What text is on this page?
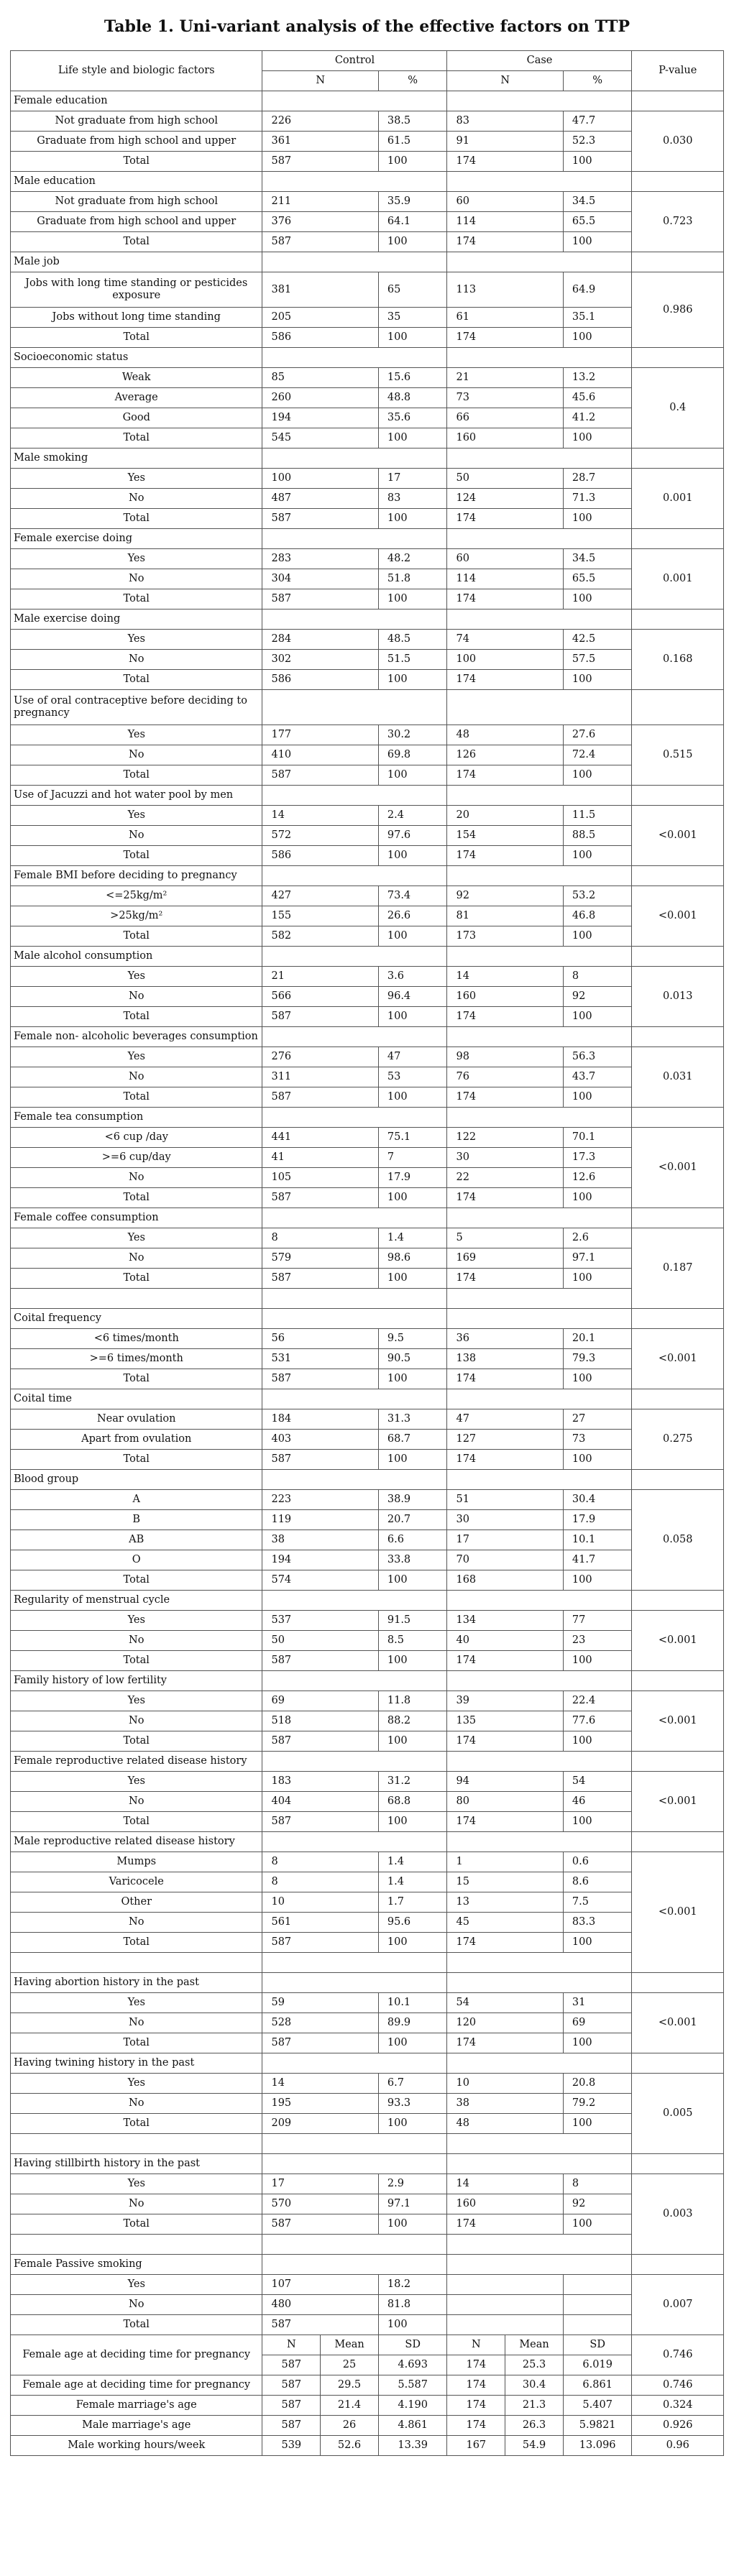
Table 1. Uni-variant analysis of the effective factors on TTP
Life style and biologic factors	Control			Case			P-value
	N		%	N		%	
Female education							
Not graduate from high school	226		38.5	83		47.7	0.030
Graduate from high school and upper	361		61.5	91		52.3	
Total	587		100	174		100	
Male education							
Not graduate from high school	211		35.9	60		34.5	0.723
Graduate from high school and upper	376		64.1	114		65.5	
Total	587		100	174		100	
Male job							
Jobs with long time standing or pesticides exposure	381		65	113		64.9	0.986
Jobs without long time standing	205		35	61		35.1	
Total	586		100	174		100	
Socioeconomic status							
Weak	85		15.6	21		13.2	0.4
Average	260		48.8	73		45.6	
Good	194		35.6	66		41.2	
Total	545		100	160		100	
Male smoking							
Yes	100		17	50		28.7	0.001
No	487		83	124		71.3	
Total	587		100	174		100	
Female exercise doing							
Yes	283		48.2	60		34.5	0.001
No	304		51.8	114		65.5	
Total	587		100	174		100	
Male exercise doing							
Yes	284		48.5	74		42.5	0.168
No	302		51.5	100		57.5	
Total	586		100	174		100	
Use of oral contraceptive before deciding to pregnancy							
Yes	177		30.2	48		27.6	0.515
No	410		69.8	126		72.4	
Total	587		100	174		100	
Use of Jacuzzi and hot water pool by men							
Yes	14		2.4	20		11.5	<0.001
No	572		97.6	154		88.5	
Total	586		100	174		100	
Female BMI before deciding to pregnancy							
<=25kg/m²	427		73.4	92		53.2	<0.001
>25kg/m²	155		26.6	81		46.8	
Total	582		100	173		100	
Male alcohol consumption							
Yes	21		3.6	14		8	0.013
No	566		96.4	160		92	
Total	587		100	174		100	
Female non- alcoholic beverages consumption							
Yes	276		47	98		56.3	0.031
No	311		53	76		43.7	
Total	587		100	174		100	
Female tea consumption							
<6 cup /day	441		75.1	122		70.1	<0.001
>=6 cup/day	41		7	30		17.3	
No	105		17.9	22		12.6	
Total	587		100	174		100	
Female coffee consumption							
Yes	8		1.4	5		2.6	0.187
No	579		98.6	169		97.1	
Total	587		100	174		100	

Coital frequency							
<6 times/month	56		9.5	36		20.1	<0.001
>=6 times/month	531		90.5	138		79.3	
Total	587		100	174		100	
Coital time							
Near ovulation	184		31.3	47		27	0.275
Apart from ovulation	403		68.7	127		73	
Total	587		100	174		100	
Blood group							
A	223		38.9	51		30.4	0.058
B	119		20.7	30		17.9	
AB	38		6.6	17		10.1	
O	194		33.8	70		41.7	
Total	574		100	168		100	
Regularity of menstrual cycle							
Yes	537		91.5	134		77	<0.001
No	50		8.5	40		23	
Total	587		100	174		100	
Family history of low fertility							
Yes	69		11.8	39		22.4	<0.001
No	518		88.2	135		77.6	
Total	587		100	174		100	
Female reproductive related disease history							
Yes	183		31.2	94		54	<0.001
No	404		68.8	80		46	
Total	587		100	174		100	
Male reproductive related disease history							
Mumps	8		1.4	1		0.6	<0.001
Varicocele	8		1.4	15		8.6	
Other	10		1.7	13		7.5	
No	561		95.6	45		83.3	
Total	587		100	174		100	

Having abortion history in the past							
Yes	59		10.1	54		31	<0.001
No	528		89.9	120		69	
Total	587		100	174		100	
Having twining history in the past							
Yes	14		6.7	10		20.8	0.005
No	195		93.3	38		79.2	
Total	209		100	48		100	

Having stillbirth history in the past							
Yes	17		2.9	14		8	0.003
No	570		97.1	160		92	
Total	587		100	174		100	

Female Passive smoking							
Yes	107		18.2				0.007
No	480		81.8				
Total	587		100				
Female age at deciding time for pregnancy	N	Mean	SD	N	Mean	SD	0.746
	587	25	4.693	174	25.3	6.019	
Female age at deciding time for pregnancy	587	29.5	5.587	174	30.4	6.861	0.746
Female marriage's age	587	21.4	4.190	174	21.3	5.407	0.324
Male marriage's age	587	26	4.861	174	26.3	5.9821	0.926
Male working hours/week	539	52.6	13.39	167	54.9	13.096	0.96
